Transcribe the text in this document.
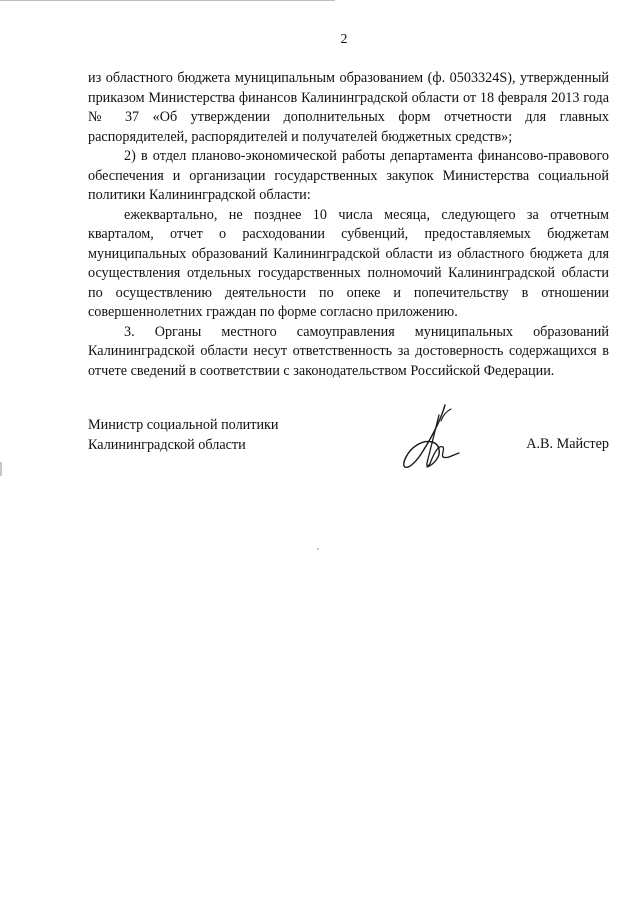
2

из областного бюджета муниципальным образованием (ф. 0503324S), утвержденный приказом Министерства финансов Калининградской области от 18 февраля 2013 года № 37 «Об утверждении дополнительных форм отчетности для главных распорядителей, распорядителей и получателей бюджетных средств»;

2) в отдел планово-экономической работы департамента финансово-правового обеспечения и организации государственных закупок Министерства социальной политики Калининградской области:

ежеквартально, не позднее 10 числа месяца, следующего за отчетным кварталом, отчет о расходовании субвенций, предоставляемых бюджетам муниципальных образований Калининградской области из областного бюджета для осуществления отдельных государственных полномочий Калининградской области по осуществлению деятельности по опеке и попечительству в отношении совершеннолетних граждан по форме согласно приложению.

3. Органы местного самоуправления муниципальных образований Калининградской области несут ответственность за достоверность содержащихся в отчете сведений в соответствии с законодательством Российской Федерации.

Министр социальной политики
Калининградской области	А.В. Майстер
